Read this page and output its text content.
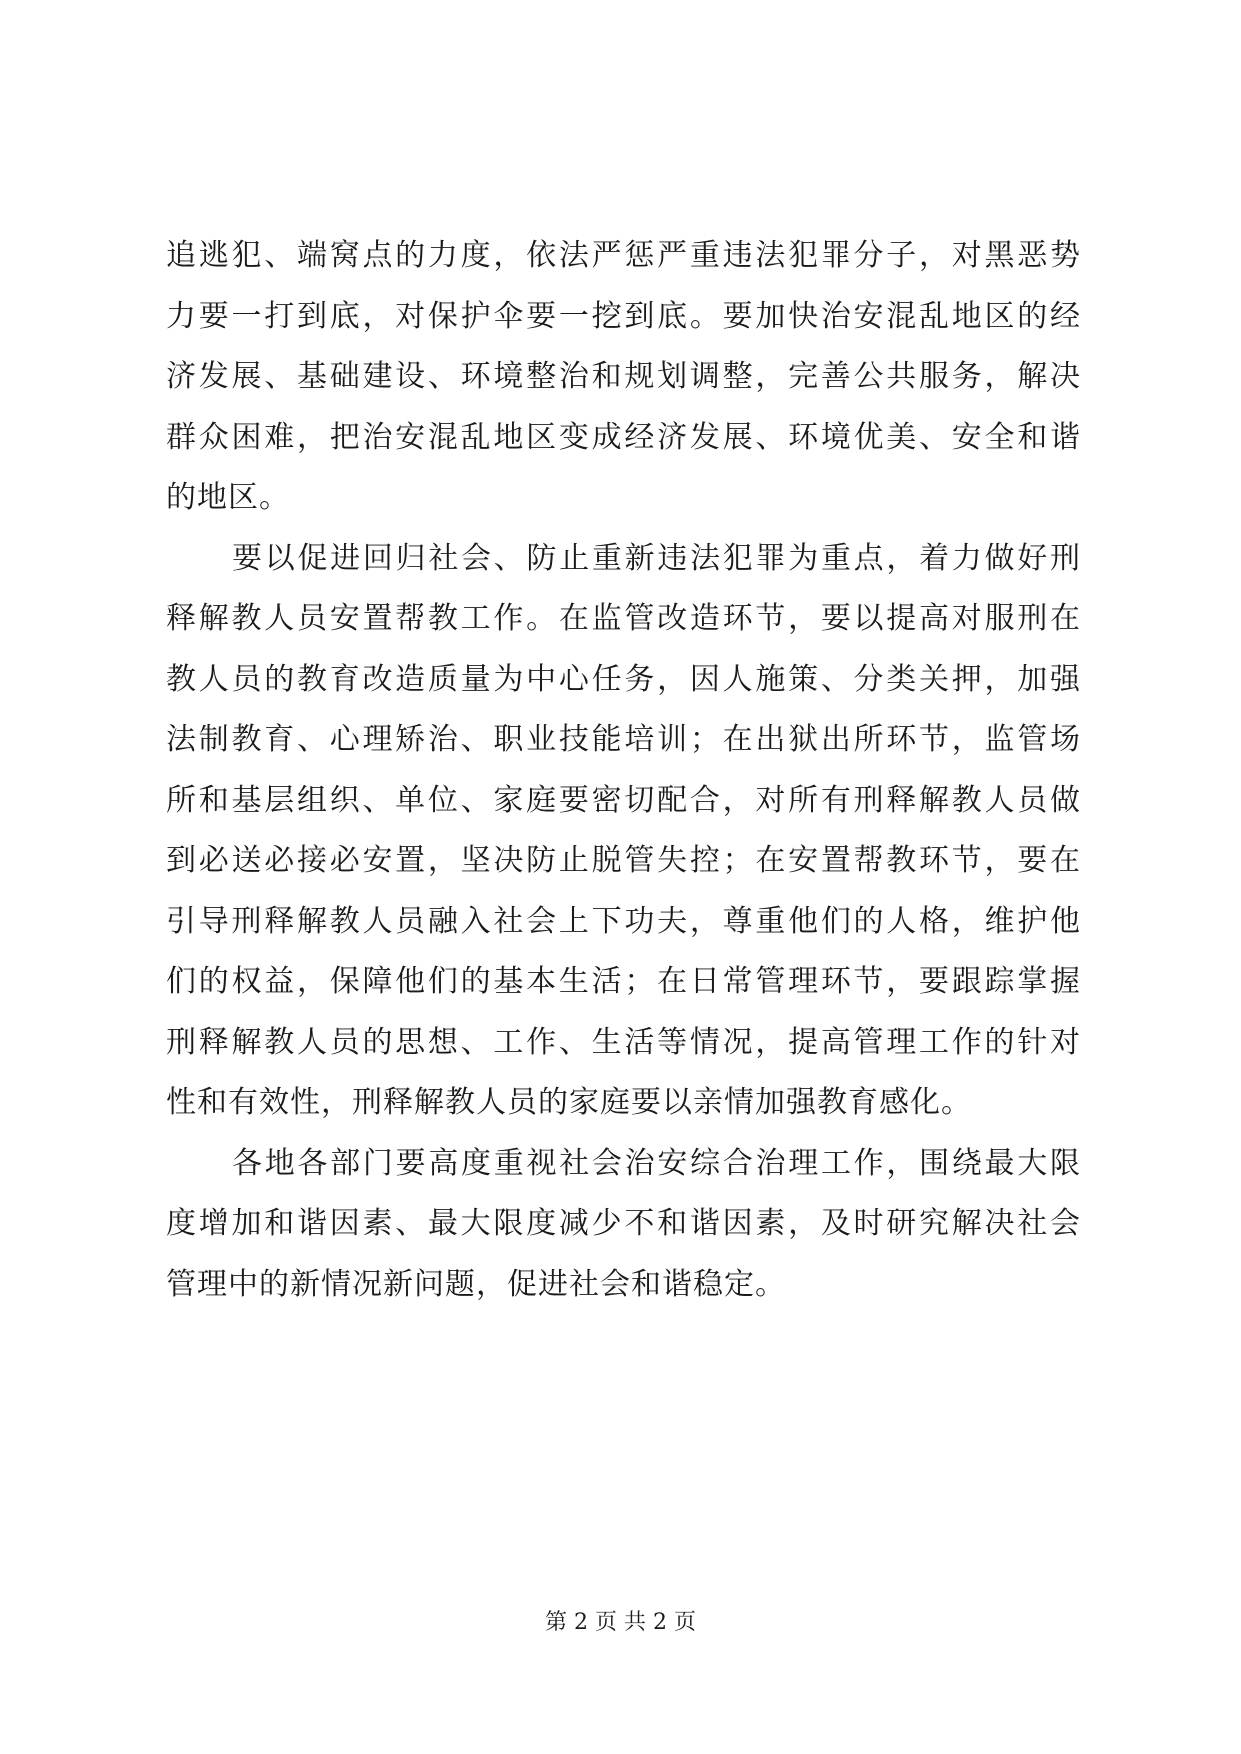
追逃犯、端窝点的力度，依法严惩严重违法犯罪分子，对黑恶势
力要一打到底，对保护伞要一挖到底。要加快治安混乱地区的经
济发展、基础建设、环境整治和规划调整，完善公共服务，解决
群众困难，把治安混乱地区变成经济发展、环境优美、安全和谐
的地区。
要以促进回归社会、防止重新违法犯罪为重点，着力做好刑
释解教人员安置帮教工作。在监管改造环节，要以提高对服刑在
教人员的教育改造质量为中心任务，因人施策、分类关押，加强
法制教育、心理矫治、职业技能培训；在出狱出所环节，监管场
所和基层组织、单位、家庭要密切配合，对所有刑释解教人员做
到必送必接必安置，坚决防止脱管失控；在安置帮教环节，要在
引导刑释解教人员融入社会上下功夫，尊重他们的人格，维护他
们的权益，保障他们的基本生活；在日常管理环节，要跟踪掌握
刑释解教人员的思想、工作、生活等情况，提高管理工作的针对
性和有效性，刑释解教人员的家庭要以亲情加强教育感化。
各地各部门要高度重视社会治安综合治理工作，围绕最大限
度增加和谐因素、最大限度减少不和谐因素，及时研究解决社会
管理中的新情况新问题，促进社会和谐稳定。
第 2 页 共 2 页
